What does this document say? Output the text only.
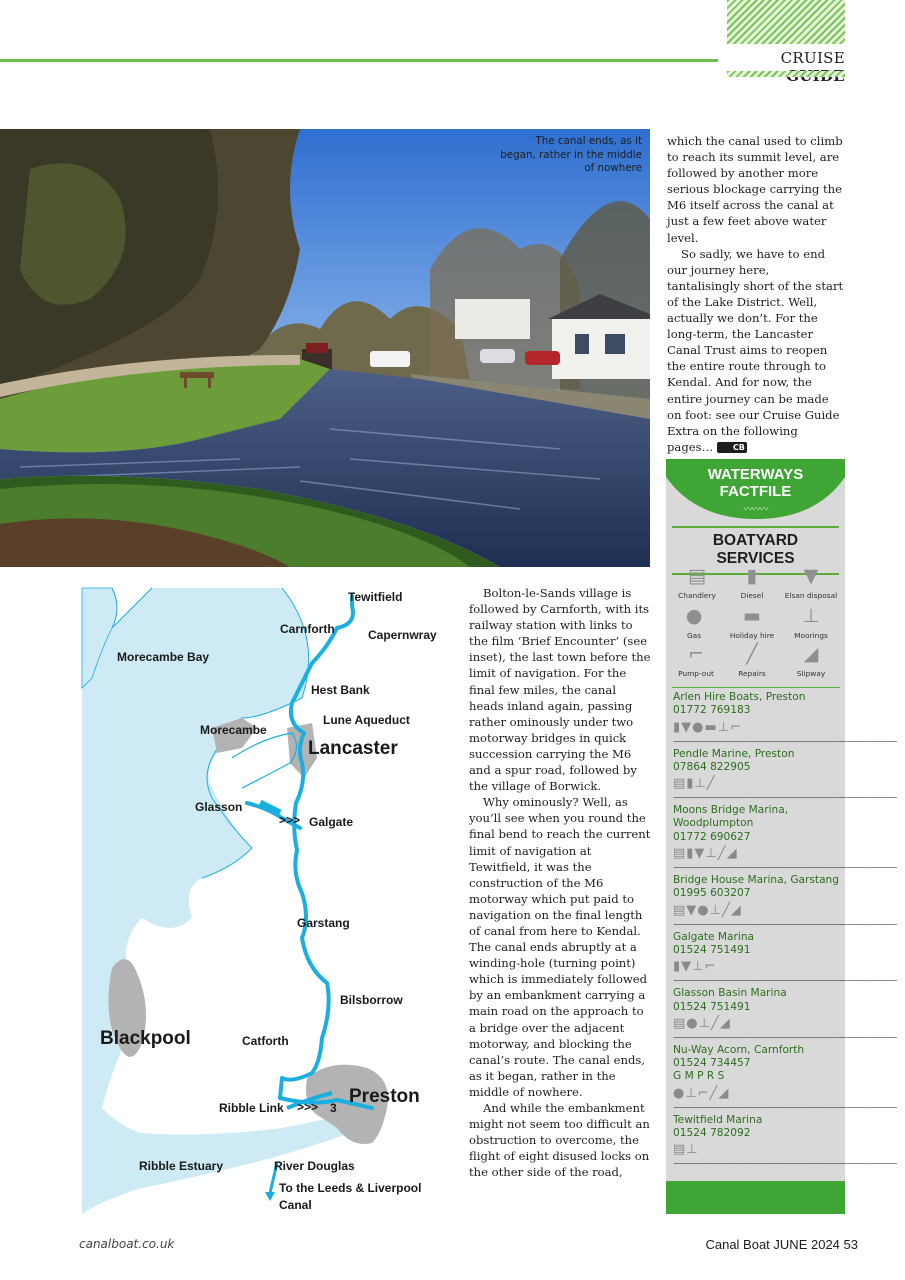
CRUISE
The canal ends, as it began, rather in the middle of nowhere

which the canal used to climb to reach its summit level, are followed by another more serious blockage carrying the M6 itself across the canal at just a few feet above water level.

So sadly, we have to end our journey here, tantalisingly short of the start of the Lake District. Well, actually we don’t. For the long-term, the Lancaster Canal Trust aims to reopen the entire route through to Kendal. And for now, the entire journey can be made on foot: see our Cruise Guide Extra on the following pages… CB

>>>
>>>
Tewitfield
Carnforth	Capernwray
Morecambe Bay
Hest Bank
Lune Aqueduct
Morecambe
Lancaster
Glasson
Galgate
Garstang
Bilsborrow
Blackpool	Catforth
Preston
Ribble Link	3
Ribble Estuary	River Douglas
To the Leeds & Liverpool
Canal

Bolton-le-Sands village is followed by Carnforth, with its railway station with links to the film ‘Brief Encounter’ (see inset), the last town before the limit of navigation. For the final few miles, the canal heads inland again, passing rather ominously under two motorway bridges in quick succession carrying the M6 and a spur road, followed by the village of Borwick.

Why ominously? Well, as you’ll see when you round the final bend to reach the current limit of navigation at Tewitfield, it was the construction of the M6 motorway which put paid to navigation on the final length of canal from here to Kendal. The canal ends abruptly at a winding-hole (turning point) which is immediately followed by an embankment carrying a main road on the approach to a bridge over the adjacent motorway, and blocking the canal’s route. The canal ends, as it began, rather in the middle of nowhere.

And while the embankment might not seem too difficult an obstruction to overcome, the flight of eight disused locks on the other side of the road,

WATERWAYS
FACTFILE
〰〰〰
BOATYARD SERVICES
▤
Chandlery
▮
Diesel
▼
Elsan disposal
●
Gas
▬
Holiday hire
⊥
Moorings
⌐
Pump-out
╱
Repairs
◢
Slipway
Arlen Hire Boats, Preston
01772 769183
▮▼●▬⊥⌐
~~~~~~~~~~~~~~~~~~~~~~~~~~~~~~~~~~~~~~~~~~~~~~~~~~
Pendle Marine, Preston
07864 822905
▤▮⊥╱
~~~~~~~~~~~~~~~~~~~~~~~~~~~~~~~~~~~~~~~~~~~~~~~~~~
Moons Bridge Marina, Woodplumpton
01772 690627
▤▮▼⊥╱◢
~~~~~~~~~~~~~~~~~~~~~~~~~~~~~~~~~~~~~~~~~~~~~~~~~~
Bridge House Marina, Garstang
01995 603207
▤▼●⊥╱◢
~~~~~~~~~~~~~~~~~~~~~~~~~~~~~~~~~~~~~~~~~~~~~~~~~~
Galgate Marina
01524 751491
▮▼⊥⌐
~~~~~~~~~~~~~~~~~~~~~~~~~~~~~~~~~~~~~~~~~~~~~~~~~~
Glasson Basin Marina
01524 751491
▤●⊥╱◢
~~~~~~~~~~~~~~~~~~~~~~~~~~~~~~~~~~~~~~~~~~~~~~~~~~
Nu-Way Acorn, Carnforth
01524 734457
G M P R S
●⊥⌐╱◢
~~~~~~~~~~~~~~~~~~~~~~~~~~~~~~~~~~~~~~~~~~~~~~~~~~
Tewitfield Marina
01524 782092
▤⊥
~~~~~~~~~~~~~~~~~~~~~~~~~~~~~~~~~~~~~~~~~~~~~~~~~~
canalboat.co.uk	Canal Boat JUNE 2024 53
